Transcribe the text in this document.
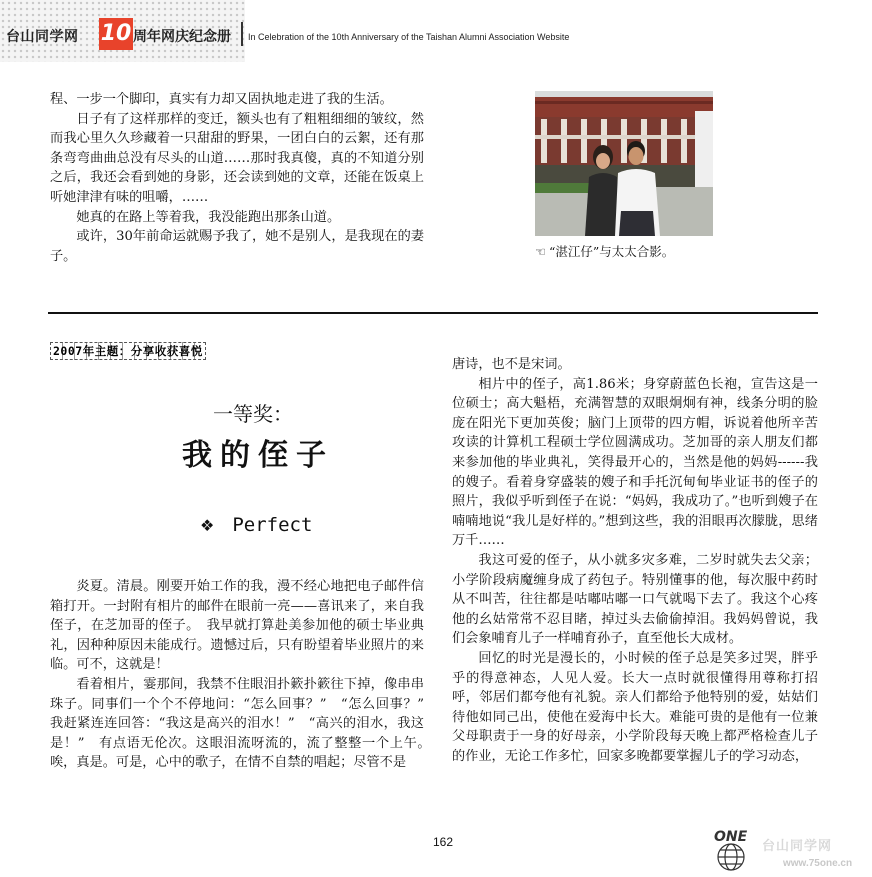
台山同学网 10 周年网庆纪念册 In Celebration of the 10th Anniversary of the Taishan Alumni Association Website

程、一步一个脚印，真实有力却又固执地走进了我的生活。

日子有了这样那样的变迁，额头也有了粗粗细细的皱纹，然而我心里久久珍藏着一只甜甜的野果，一团白白的云絮，还有那条弯弯曲曲总没有尽头的山道……那时我真傻，真的不知道分别之后，我还会看到她的身影，还会读到她的文章，还能在饭桌上听她津津有味的咀嚼，……

她真的在路上等着我，我没能跑出那条山道。

或许，30年前命运就赐予我了，她不是别人，是我现在的妻子。	☜ “湛江仔”与太太合影。
2007年主题：分享收获喜悦
一等奖：
我的侄子
❖ Perfect

炎夏。清晨。刚要开始工作的我，漫不经心地把电子邮件信箱打开。一封附有相片的邮件在眼前一亮——喜讯来了，来自我侄子，在芝加哥的侄子。　我早就打算赴美参加他的硕士毕业典礼，因种种原因未能成行。遗憾过后，只有盼望着毕业照片的来临。可不，这就是！

看着相片，霎那间，我禁不住眼泪扑簌扑簌往下掉，像串串珠子。同事们一个个不停地问：“怎么回事？”　“怎么回事？”　我赶紧连连回答：“我这是高兴的泪水！”　“高兴的泪水，我这是！”　有点语无伦次。这眼泪流呀流的，流了整整一个上午。　唉，真是。可是，心中的歌子，在情不自禁的唱起；尽管不是

唐诗，也不是宋词。

相片中的侄子，高1.86米；身穿蔚蓝色长袍，宣告这是一位硕士；高大魁梧，充满智慧的双眼炯炯有神，线条分明的脸庞在阳光下更加英俊；脑门上顶带的四方帽，诉说着他所辛苦攻读的计算机工程硕士学位圆满成功。芝加哥的亲人朋友们都来参加他的毕业典礼，笑得最开心的，当然是他的妈妈------我的嫂子。看着身穿盛装的嫂子和手托沉甸甸毕业证书的侄子的照片，我似乎听到侄子在说：“妈妈，我成功了。”也听到嫂子在喃喃地说“我儿是好样的。”想到这些，我的泪眼再次朦胧，思绪万千……

我这可爱的侄子，从小就多灾多难，二岁时就失去父亲；小学阶段病魔缠身成了药包子。特别懂事的他，每次服中药时从不叫苦，往往都是咕嘟咕嘟一口气就喝下去了。我这个心疼他的幺姑常常不忍目睹，掉过头去偷偷掉泪。我妈妈曾说，我们会象哺育儿子一样哺育孙子，直至他长大成材。

回忆的时光是漫长的，小时候的侄子总是笑多过哭，胖乎乎的得意神态，人见人爱。长大一点时就很懂得用尊称打招呼，邻居们都夸他有礼貌。亲人们都给予他特别的爱，姑姑们待他如同己出，使他在爱海中长大。难能可贵的是他有一位兼父母职责于一身的好母亲，小学阶段每天晚上都严格检查儿子的作业，无论工作多忙，回家多晚都要掌握儿子的学习动态，

162	ONE
台山同学网
www.75one.cn
